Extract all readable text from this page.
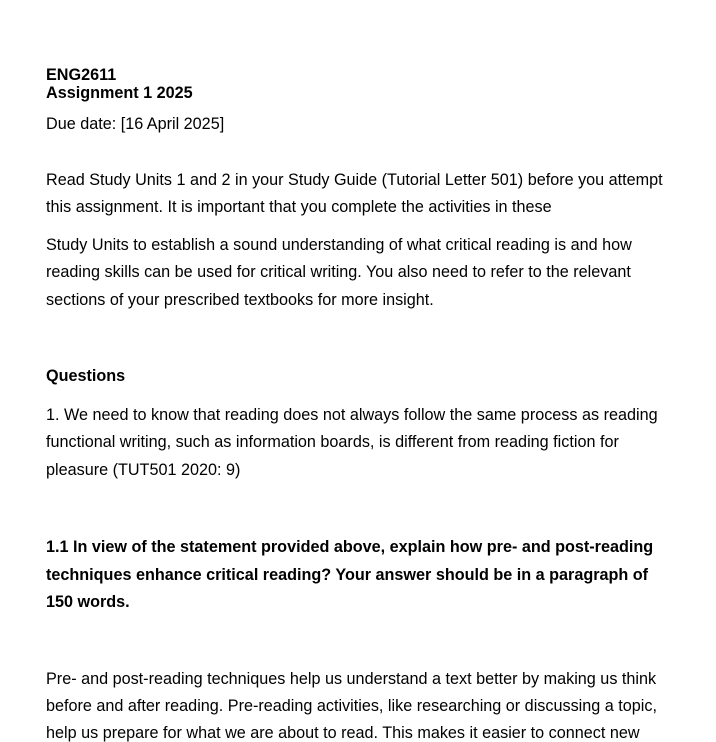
ENG2611
Assignment 1 2025
Due date: [16 April 2025]
Read Study Units 1 and 2 in your Study Guide (Tutorial Letter 501) before you attempt
this assignment. It is important that you complete the activities in these
Study Units to establish a sound understanding of what critical reading is and how
reading skills can be used for critical writing. You also need to refer to the relevant
sections of your prescribed textbooks for more insight.
Questions
1. We need to know that reading does not always follow the same process as reading
functional writing, such as information boards, is different from reading fiction for
pleasure (TUT501 2020: 9)
1.1 In view of the statement provided above, explain how pre- and post-reading
techniques enhance critical reading? Your answer should be in a paragraph of
150 words.
Pre- and post-reading techniques help us understand a text better by making us think
before and after reading. Pre-reading activities, like researching or discussing a topic,
help us prepare for what we are about to read. This makes it easier to connect new
